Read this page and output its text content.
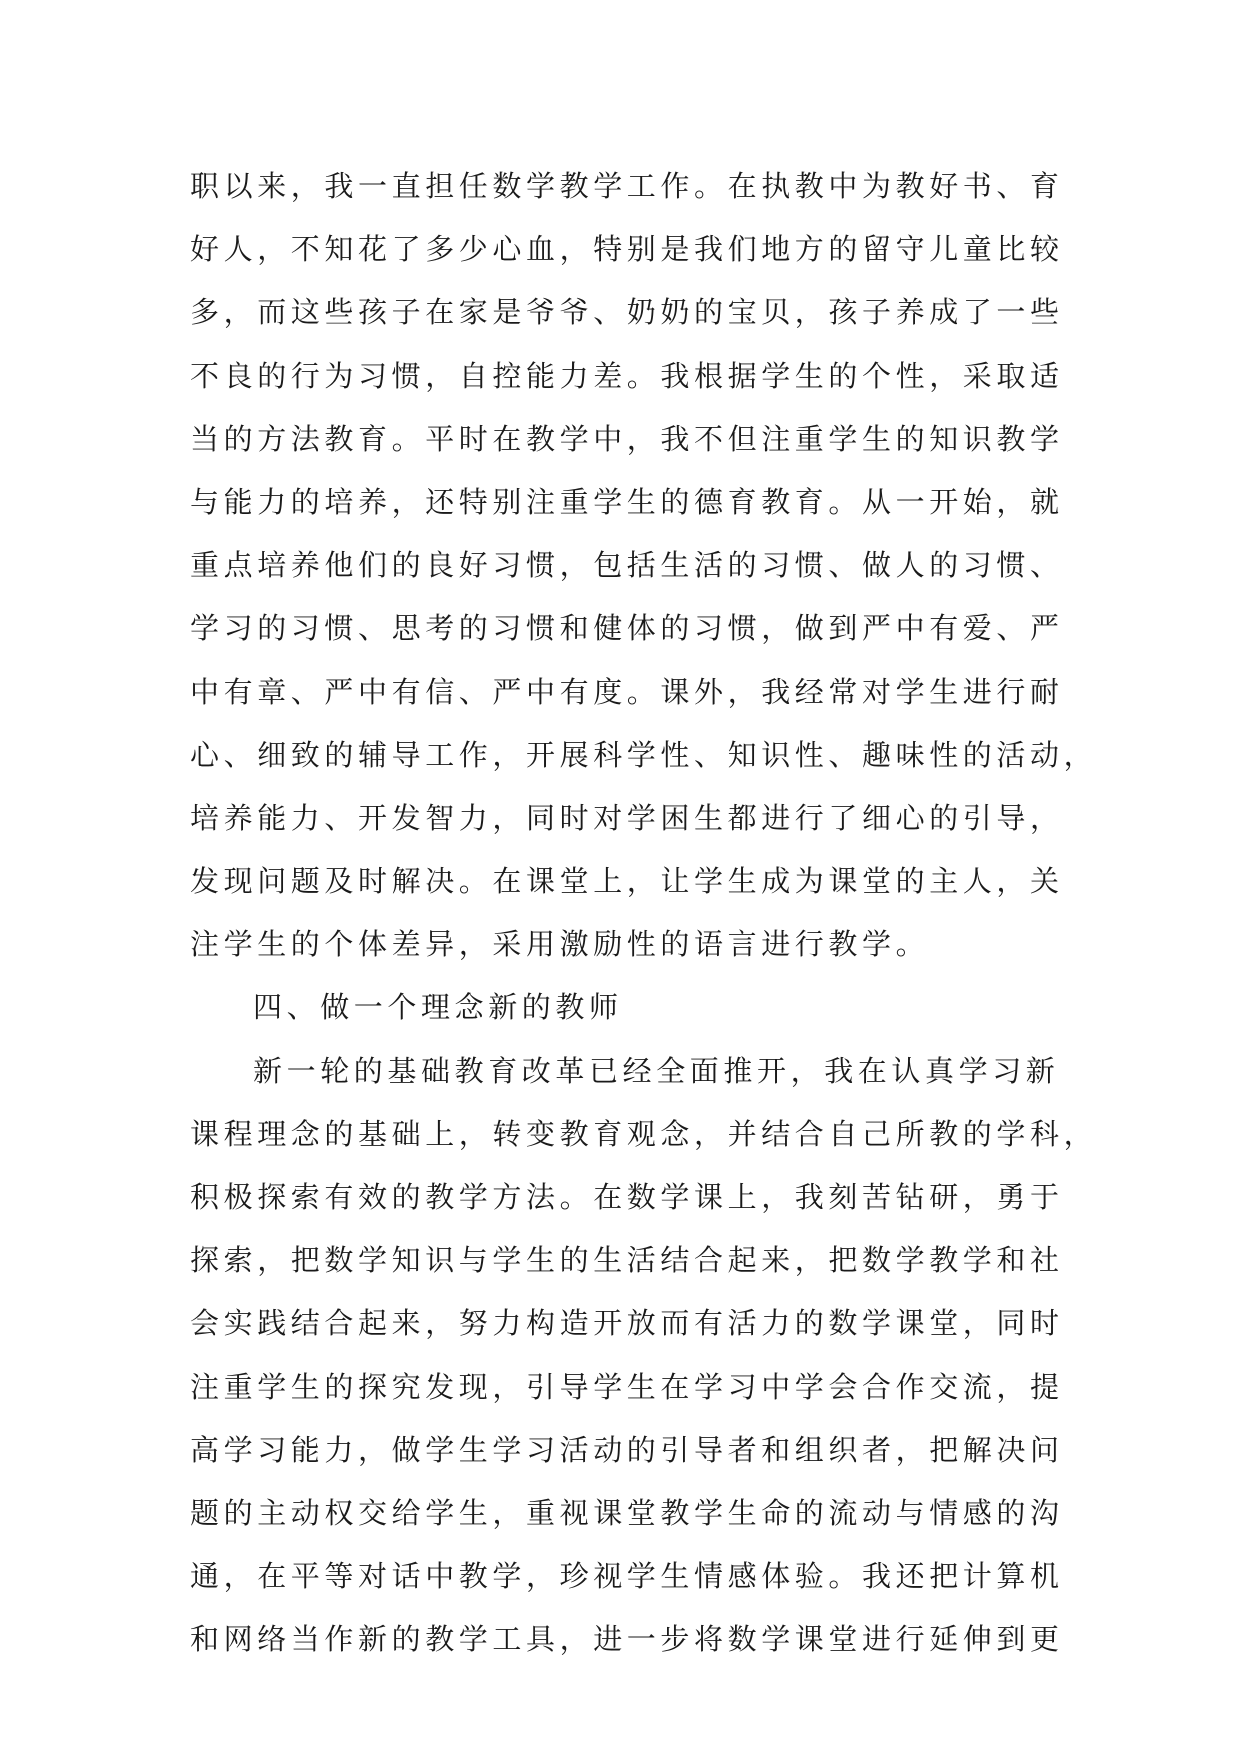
职以来，我一直担任数学教学工作。在执教中为教好书、育
好人，不知花了多少心血，特别是我们地方的留守儿童比较
多，而这些孩子在家是爷爷、奶奶的宝贝，孩子养成了一些
不良的行为习惯，自控能力差。我根据学生的个性，采取适
当的方法教育。平时在教学中，我不但注重学生的知识教学
与能力的培养，还特别注重学生的德育教育。从一开始，就
重点培养他们的良好习惯，包括生活的习惯、做人的习惯、
学习的习惯、思考的习惯和健体的习惯，做到严中有爱、严
中有章、严中有信、严中有度。课外，我经常对学生进行耐
心、细致的辅导工作，开展科学性、知识性、趣味性的活动，
培养能力、开发智力，同时对学困生都进行了细心的引导，
发现问题及时解决。在课堂上，让学生成为课堂的主人，关
注学生的个体差异，采用激励性的语言进行教学。
四、做一个理念新的教师
新一轮的基础教育改革已经全面推开，我在认真学习新
课程理念的基础上，转变教育观念，并结合自己所教的学科，
积极探索有效的教学方法。在数学课上，我刻苦钻研，勇于
探索，把数学知识与学生的生活结合起来，把数学教学和社
会实践结合起来，努力构造开放而有活力的数学课堂，同时
注重学生的探究发现，引导学生在学习中学会合作交流，提
高学习能力，做学生学习活动的引导者和组织者，把解决问
题的主动权交给学生，重视课堂教学生命的流动与情感的沟
通，在平等对话中教学，珍视学生情感体验。我还把计算机
和网络当作新的教学工具，进一步将数学课堂进行延伸到更
